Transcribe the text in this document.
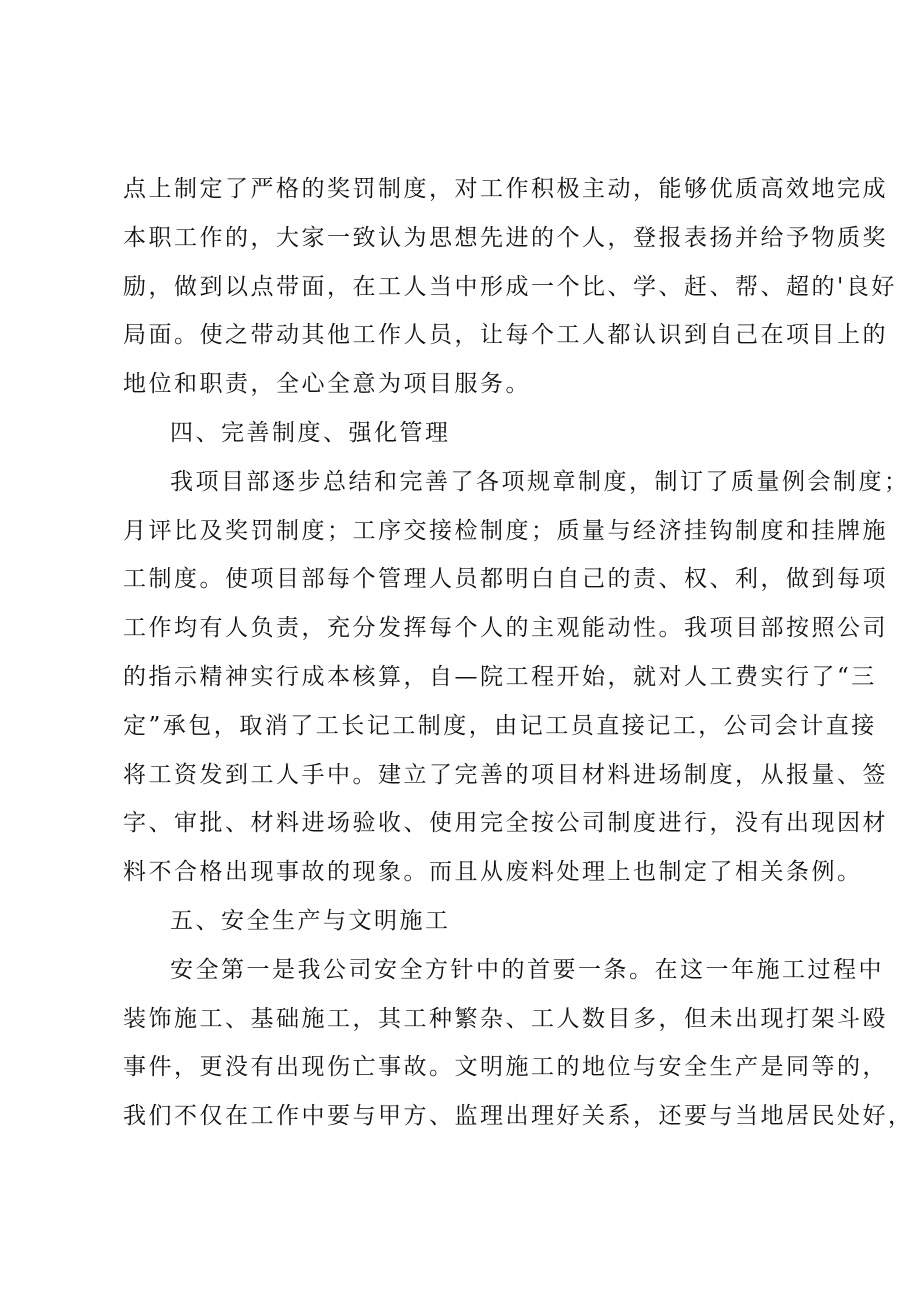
点上制定了严格的奖罚制度，对工作积极主动，能够优质高效地完成
本职工作的，大家一致认为思想先进的个人，登报表扬并给予物质奖
励，做到以点带面，在工人当中形成一个比、学、赶、帮、超的'良好
局面。使之带动其他工作人员，让每个工人都认识到自己在项目上的
地位和职责，全心全意为项目服务。
四、完善制度、强化管理
我项目部逐步总结和完善了各项规章制度，制订了质量例会制度；
月评比及奖罚制度；工序交接检制度；质量与经济挂钩制度和挂牌施
工制度。使项目部每个管理人员都明白自己的责、权、利，做到每项
工作均有人负责，充分发挥每个人的主观能动性。我项目部按照公司
的指示精神实行成本核算，自—院工程开始，就对人工费实行了“三
定”承包，取消了工长记工制度，由记工员直接记工，公司会计直接
将工资发到工人手中。建立了完善的项目材料进场制度，从报量、签
字、审批、材料进场验收、使用完全按公司制度进行，没有出现因材
料不合格出现事故的现象。而且从废料处理上也制定了相关条例。
五、安全生产与文明施工
安全第一是我公司安全方针中的首要一条。在这一年施工过程中
装饰施工、基础施工，其工种繁杂、工人数目多，但未出现打架斗殴
事件，更没有出现伤亡事故。文明施工的地位与安全生产是同等的，
我们不仅在工作中要与甲方、监理出理好关系，还要与当地居民处好，
